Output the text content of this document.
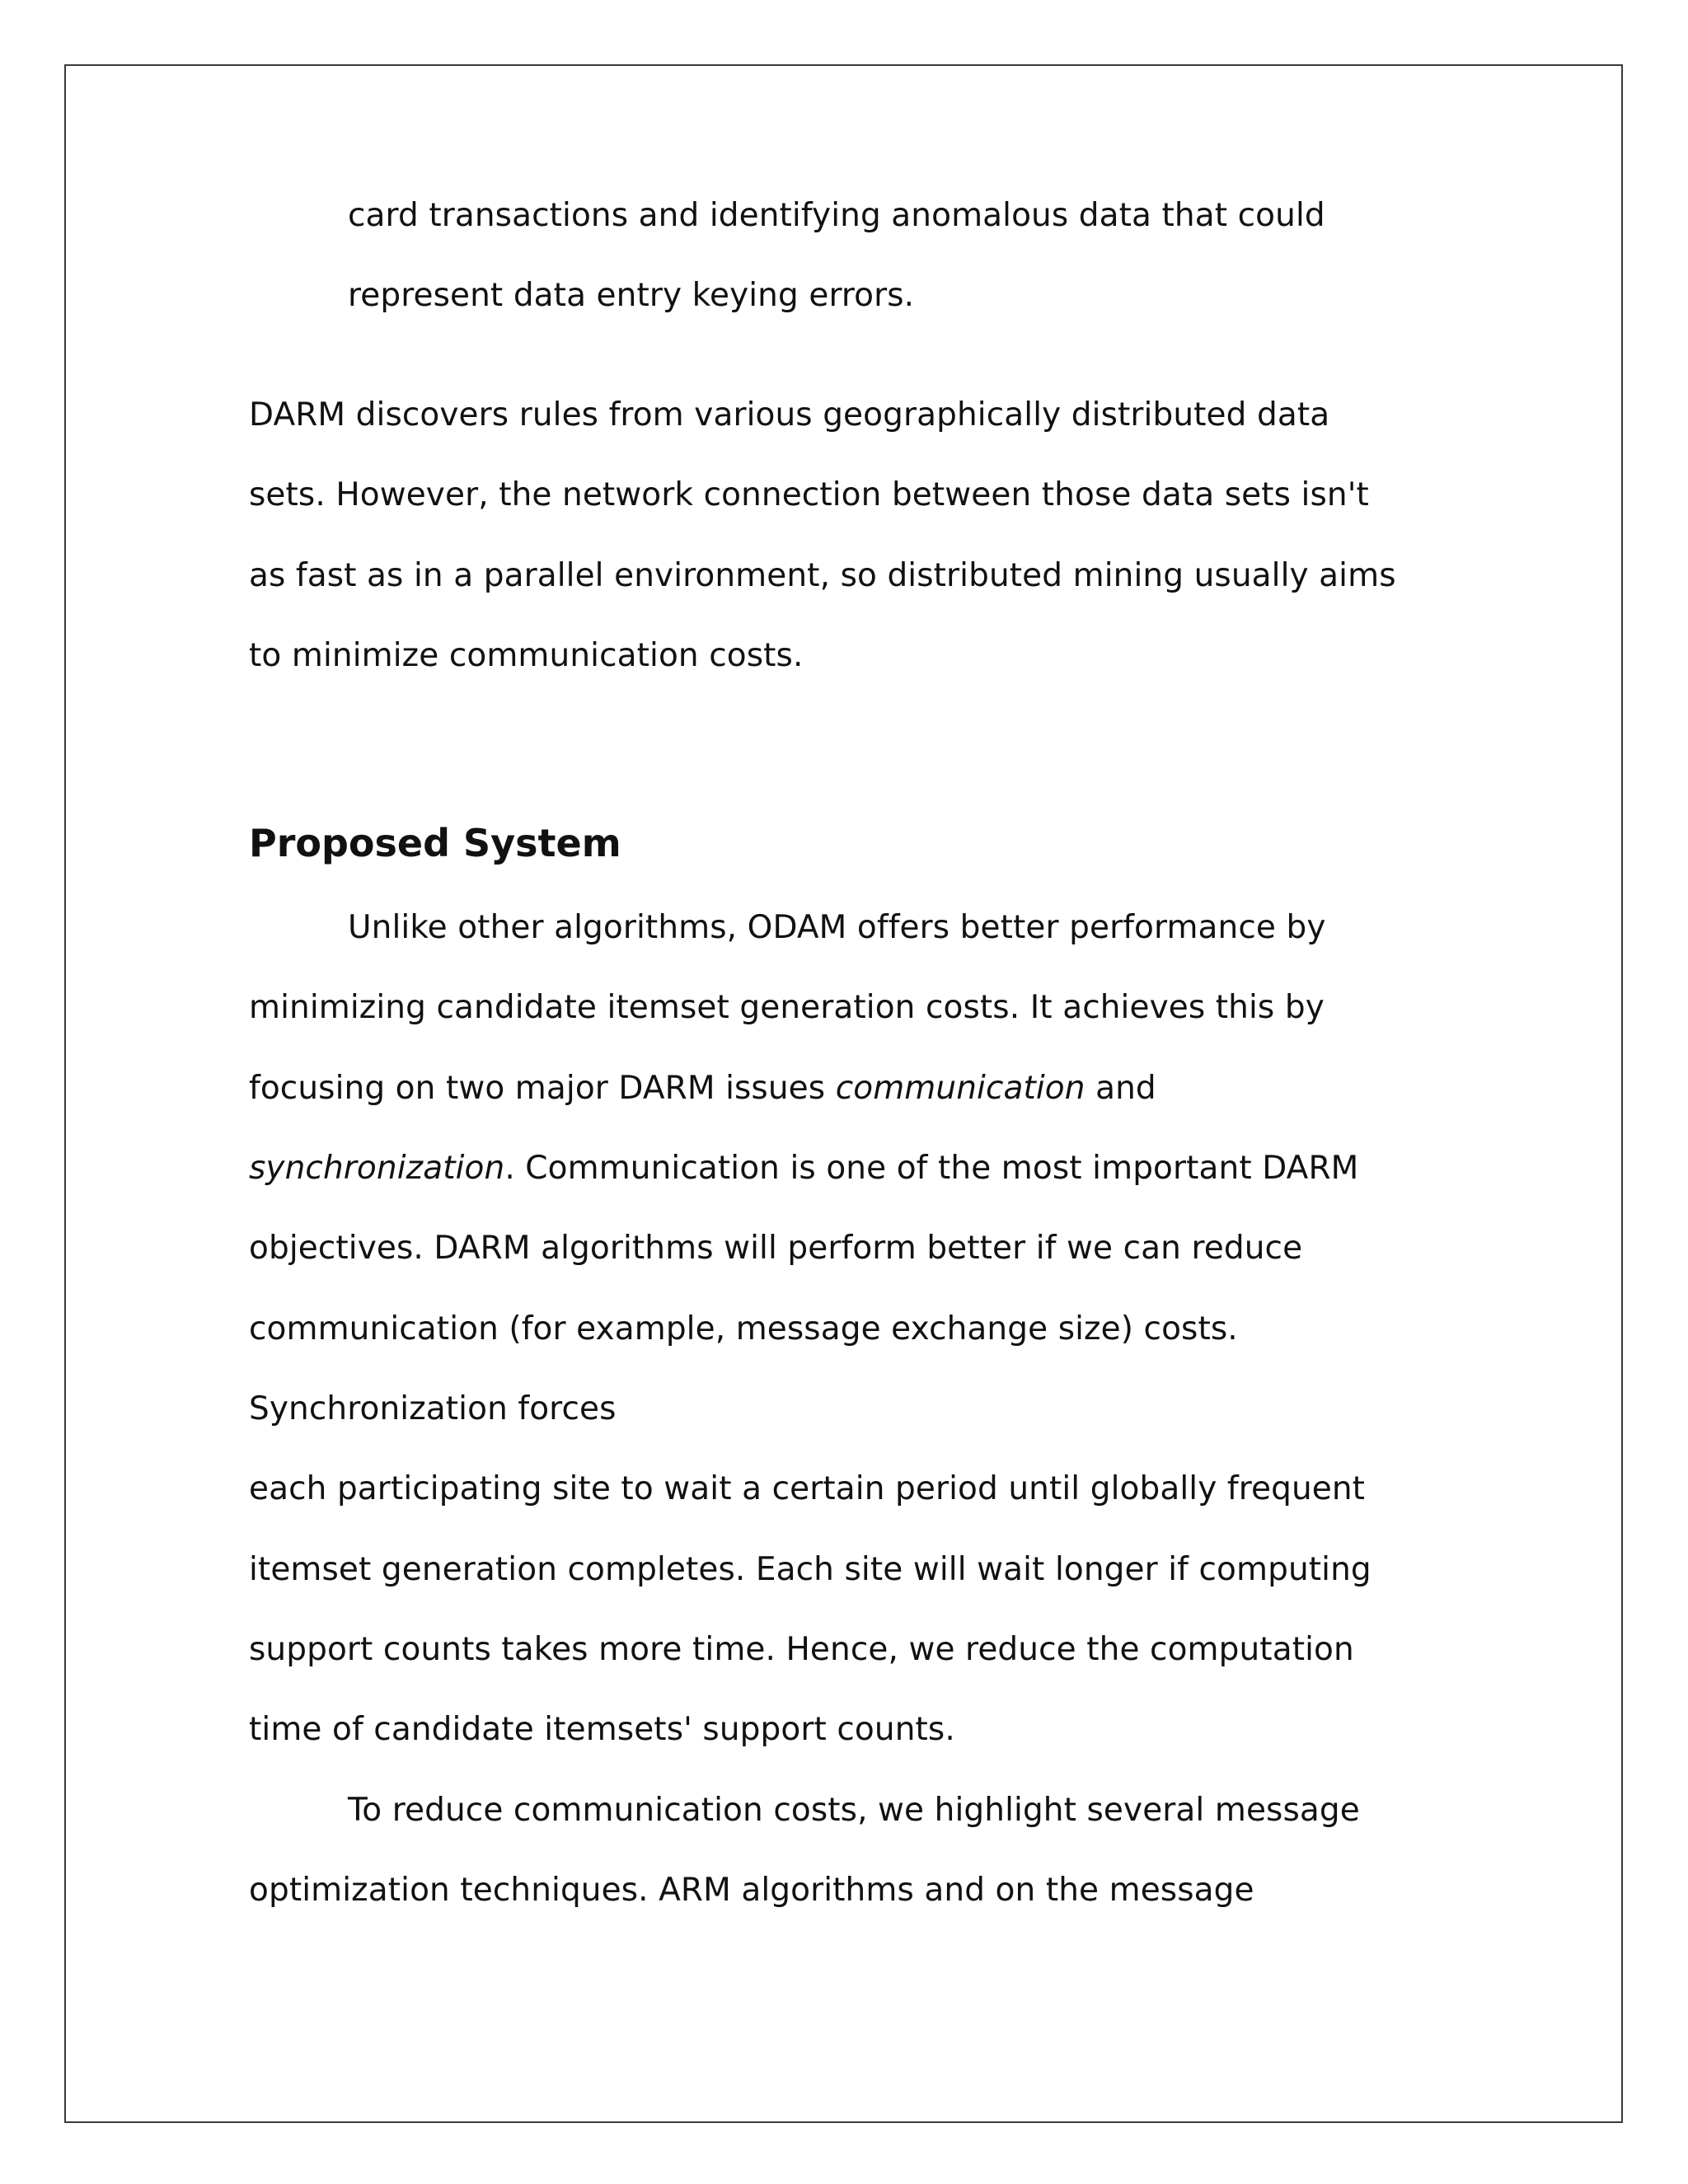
card transactions and identifying anomalous data that could
represent data entry keying errors.
DARM discovers rules from various geographically distributed data
sets. However, the network connection between those data sets isn't
as fast as in a parallel environment, so distributed mining usually aims
to minimize communication costs.
Proposed System
Unlike other algorithms, ODAM offers better performance by
minimizing candidate itemset generation costs. It achieves this by
focusing on two major DARM issues communication and
synchronization. Communication is one of the most important DARM
objectives. DARM algorithms will perform better if we can reduce
communication (for example, message exchange size) costs.
Synchronization forces
each participating site to wait a certain period until globally frequent
itemset generation completes. Each site will wait longer if computing
support counts takes more time. Hence, we reduce the computation
time of candidate itemsets' support counts.
To reduce communication costs, we highlight several message
optimization techniques. ARM algorithms and on the message
